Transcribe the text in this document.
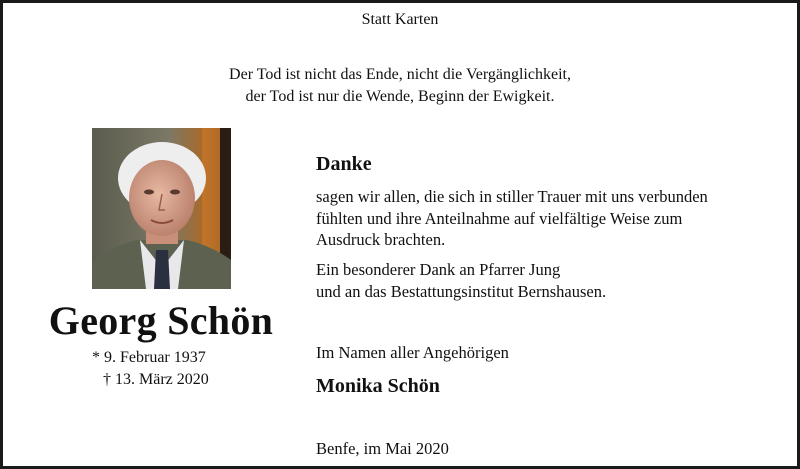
Statt Karten
Der Tod ist nicht das Ende, nicht die Vergänglichkeit,
der Tod ist nur die Wende, Beginn der Ewigkeit.
Georg Schön
* 9. Februar 1937
† 13. März 2020
Danke
sagen wir allen, die sich in stiller Trauer mit uns verbunden
fühlten und ihre Anteilnahme auf vielfältige Weise zum
Ausdruck brachten.
Ein besonderer Dank an Pfarrer Jung
und an das Bestattungsinstitut Bernshausen.
Im Namen aller Angehörigen
Monika Schön
Benfe, im Mai 2020
